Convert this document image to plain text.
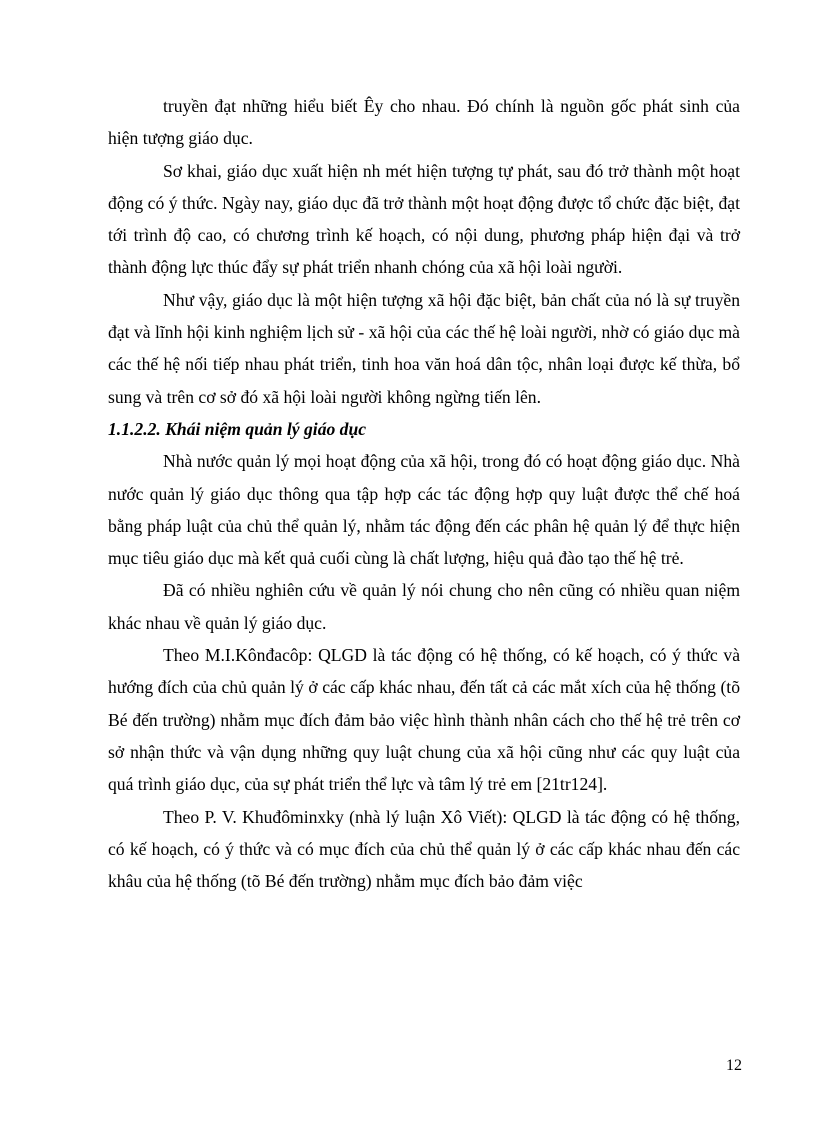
truyền đạt những hiểu biết Êy cho nhau. Đó chính là nguồn gốc phát sinh của hiện tượng giáo dục.

Sơ khai, giáo dục xuất hiện nh mét hiện tượng tự phát, sau đó trở thành một hoạt động có ý thức. Ngày nay, giáo dục đã trở thành một hoạt động được tổ chức đặc biệt, đạt tới trình độ cao, có chương trình kế hoạch, có nội dung, phương pháp hiện đại và trở thành động lực thúc đẩy sự phát triển nhanh chóng của xã hội loài người.

Như vậy, giáo dục là một hiện tượng xã hội đặc biệt, bản chất của nó là sự truyền đạt và lĩnh hội kinh nghiệm lịch sử - xã hội của các thế hệ loài người, nhờ có giáo dục mà các thế hệ nối tiếp nhau phát triển, tinh hoa văn hoá dân tộc, nhân loại được kế thừa, bổ sung và trên cơ sở đó xã hội loài người không ngừng tiến lên.

1.1.2.2. Khái niệm quản lý giáo dục

Nhà nước quản lý mọi hoạt động của xã hội, trong đó có hoạt động giáo dục. Nhà nước quản lý giáo dục thông qua tập hợp các tác động hợp quy luật được thể chế hoá bằng pháp luật của chủ thể quản lý, nhằm tác động đến các phân hệ quản lý để thực hiện mục tiêu giáo dục mà kết quả cuối cùng là chất lượng, hiệu quả đào tạo thế hệ trẻ.

Đã có nhiều nghiên cứu về quản lý nói chung cho nên cũng có nhiều quan niệm khác nhau về quản lý giáo dục.

Theo M.I.Kônđacôp: QLGD là tác động có hệ thống, có kế hoạch, có ý thức và hướng đích của chủ quản lý ở các cấp khác nhau, đến tất cả các mắt xích của hệ thống (tõ Bé đến trường) nhằm mục đích đảm bảo việc hình thành nhân cách cho thế hệ trẻ trên cơ sở nhận thức và vận dụng những quy luật chung của xã hội cũng như các quy luật của quá trình giáo dục, của sự phát triển thể lực và tâm lý trẻ em [21tr124].

Theo P. V. Khuđôminxky (nhà lý luận Xô Viết): QLGD là tác động có hệ thống, có kế hoạch, có ý thức và có mục đích của chủ thể quản lý ở các cấp khác nhau đến các khâu của hệ thống (tõ Bé đến trường) nhằm mục đích bảo đảm việc

12
